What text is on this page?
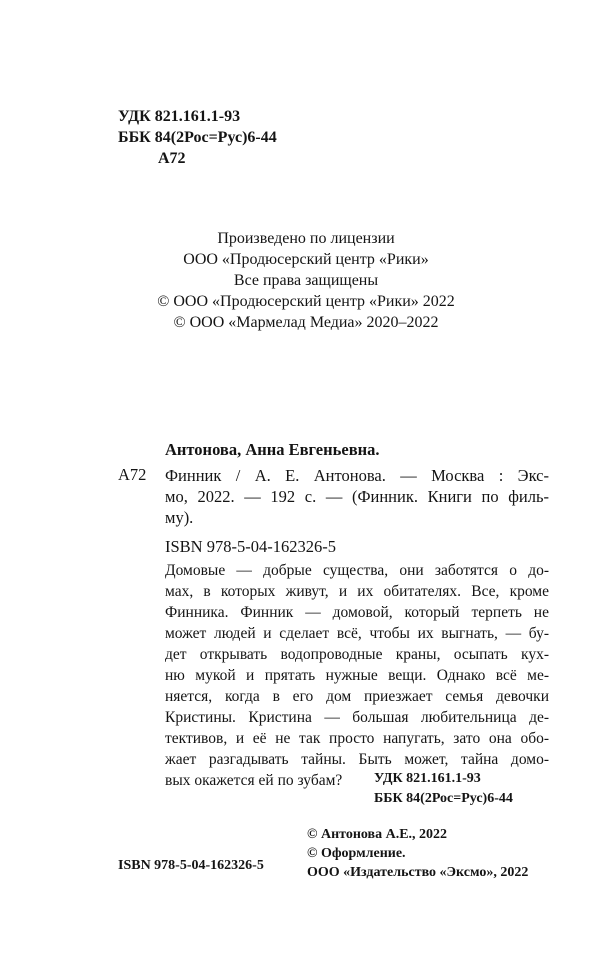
УДК 821.161.1-93
ББК 84(2Рос=Рус)6-44
А72
Произведено по лицензии
ООО «Продюсерский центр «Рики»
Все права защищены
© ООО «Продюсерский центр «Рики» 2022
© ООО «Мармелад Медиа» 2020–2022
Антонова, Анна Евгеньевна.
А72 Финник / А. Е. Антонова. — Москва : Экс-
мо, 2022. — 192 с. — (Финник. Книги по филь-
му).
ISBN 978-5-04-162326-5
Домовые — добрые существа, они заботятся о до-
мах, в которых живут, и их обитателях. Все, кроме
Финника. Финник — домовой, который терпеть не
может людей и сделает всё, чтобы их выгнать, — бу-
дет открывать водопроводные краны, осыпать кух-
ню мукой и прятать нужные вещи. Однако всё ме-
няется, когда в его дом приезжает семья девочки
Кристины. Кристина — большая любительница де-
тективов, и её не так просто напугать, зато она обо-
жает разгадывать тайны. Быть может, тайна домо-
вых окажется ей по зубам?	УДК 821.161.1-93
ББК 84(2Рос=Рус)6-44
© Антонова А.Е., 2022
© Оформление.
ООО «Издательство «Эксмо», 2022
ISBN 978-5-04-162326-5
